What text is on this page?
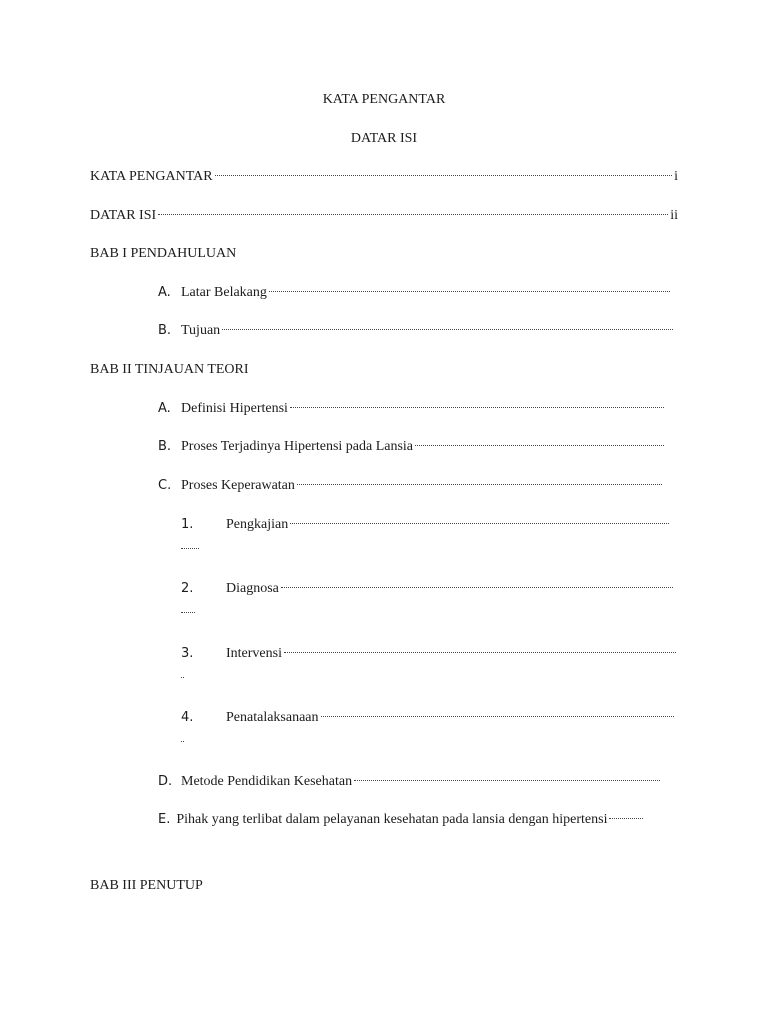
KATA PENGANTAR
DATAR ISI
KATA PENGANTAR	i
DATAR ISI	ii
BAB I PENDAHULUAN
A. Latar Belakang
B. Tujuan
BAB II TINJAUAN TEORI
A. Definisi Hipertensi
B. Proses Terjadinya Hipertensi pada Lansia
C. Proses Keperawatan
1.	Pengkajian
2.	Diagnosa
3.	Intervensi
4.	Penatalaksanaan
D. Metode Pendidikan Kesehatan
E. Pihak yang terlibat dalam pelayanan kesehatan pada lansia dengan hipertensi
BAB III PENUTUP
